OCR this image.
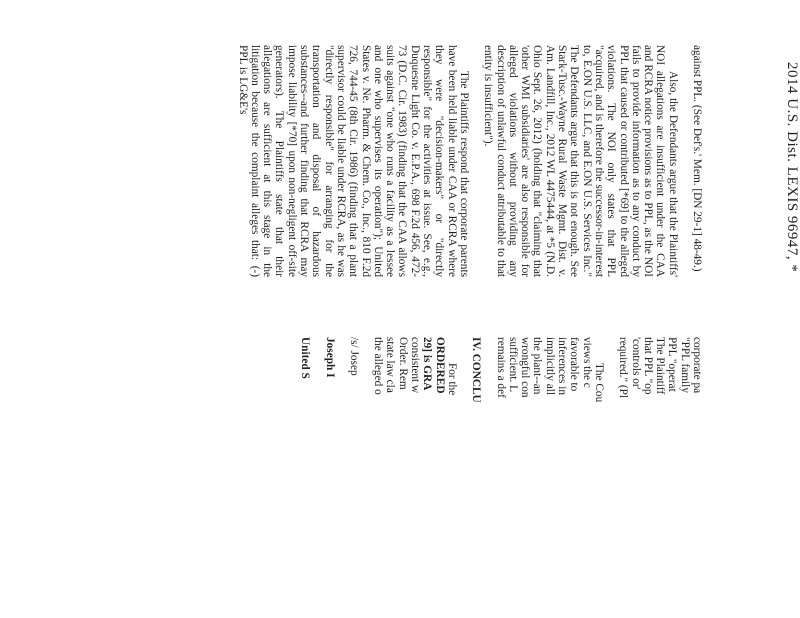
2014 U.S. Dist. LEXIS 96947, *

against PPL. (See Def's.' Mem. [DN 29-1] 48-49.)

Also, the Defendants argue that the Plaintiffs' NOI allegations are insufficient under the CAA and RCRA notice provisions as to PPL, as the NOI fails to provide information as to any conduct by PPL that caused or contributed [*69] to the alleged violations. The NOI only states that PPL "acquired, and is therefore the successor-in-interest to, E.ON U.S. LLC, and E.ON U.S. Services Inc." The Defendants argue that this is not enough. See Stark-Tusc.-Wayne Rural Waste Mgmt. Dist. v. Am. Landfill, Inc., 2012 WL 4475444, at *5 (N.D. Ohio Sept. 26, 2012) (holding that "claiming that 'other WMI subsidiaries' are also responsible for alleged violations without providing any description of unlawful conduct attributable to that entity is insufficient").

The Plaintiffs respond that corporate parents have been held liable under CAA or RCRA where they were "decision-makers" or "directly responsible" for the activities at issue. See, e.g., Duquesne Light Co. v. E.P.A., 698 F.2d 456, 472-73 (D.C. Cir. 1983) (finding that the CAA allows suits against "one who runs a facility as a lessee and one who supervises its operation"); United States v. Ne. Pharm. & Chem. Co., Inc., 810 F.2d 726, 744-45 (8th Cir. 1986) (finding that a plant supervisor could be liable under RCRA, as he was "directly responsible" for arranging for the transportation and disposal of hazardous substances--and further finding that RCRA may impose liability [*70] upon non-negligent off-site generators). The Plaintiffs state that their allegations are sufficient at this stage in the litigation because the complaint alleges that: (-) PPL is LG&E's

corporate pa

"PPL family

PPL "operat

The Plaintiff

that PPL "op

'controls or'

required." (Pl

The Cou

views the c

favorable to

inferences in

implicitly all

the plant--an

wrongful con

sufficient. L

remains a def

IV. CONCLU

For the

ORDERED

29] is GRA

consistent w

Order. Rem

state law cla

the alleged o

/s/ Josep

Joseph I

United S
